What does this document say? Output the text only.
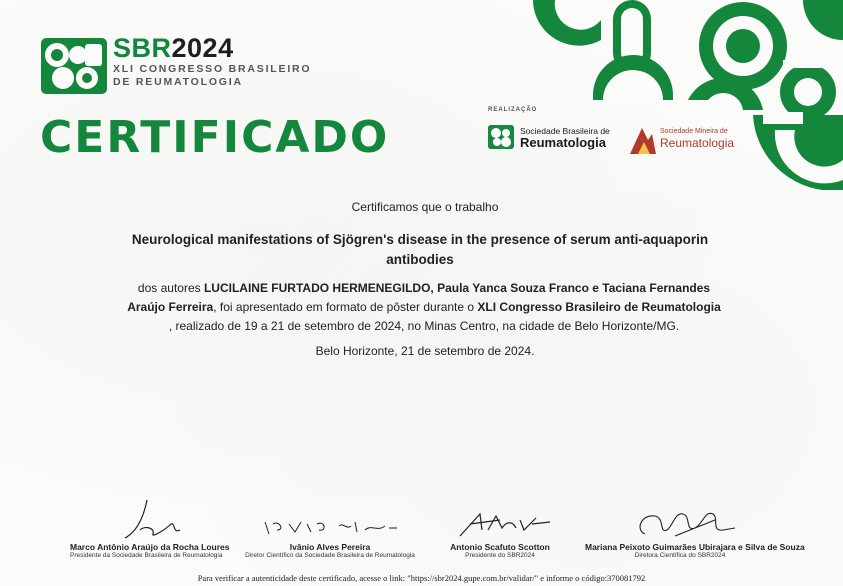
SBR2024
XLI CONGRESSO BRASILEIRO
DE REUMATOLOGIA
CERTIFICADO
REALIZAÇÃO
Sociedade Brasileira de
Reumatologia
Sociedade Mineira de
Reumatologia
Certificamos que o trabalho
Neurological manifestations of Sjögren's disease in the presence of serum anti-aquaporin antibodies
dos autores LUCILAINE FURTADO HERMENEGILDO, Paula Yanca Souza Franco e Taciana Fernandes Araújo Ferreira, foi apresentado em formato de pôster durante o XLI Congresso Brasileiro de Reumatologia
, realizado de 19 a 21 de setembro de 2024, no Minas Centro, na cidade de Belo Horizonte/MG.
Belo Horizonte, 21 de setembro de 2024.
Marco Antônio Araújo da Rocha Loures
Presidente da Sociedade Brasileira de Reumatologia
Ivânio Alves Pereira
Diretor Científico da Sociedade Brasileira de Reumatologia
Antonio Scafuto Scotton
Presidente do SBR2024
Mariana Peixoto Guimarães Ubirajara e Silva de Souza
Diretora Científica do SBR2024
Para verificar a autenticidade deste certificado, acesse o link: "https://sbr2024.gupe.com.br/validar/" e informe o código:370081792
